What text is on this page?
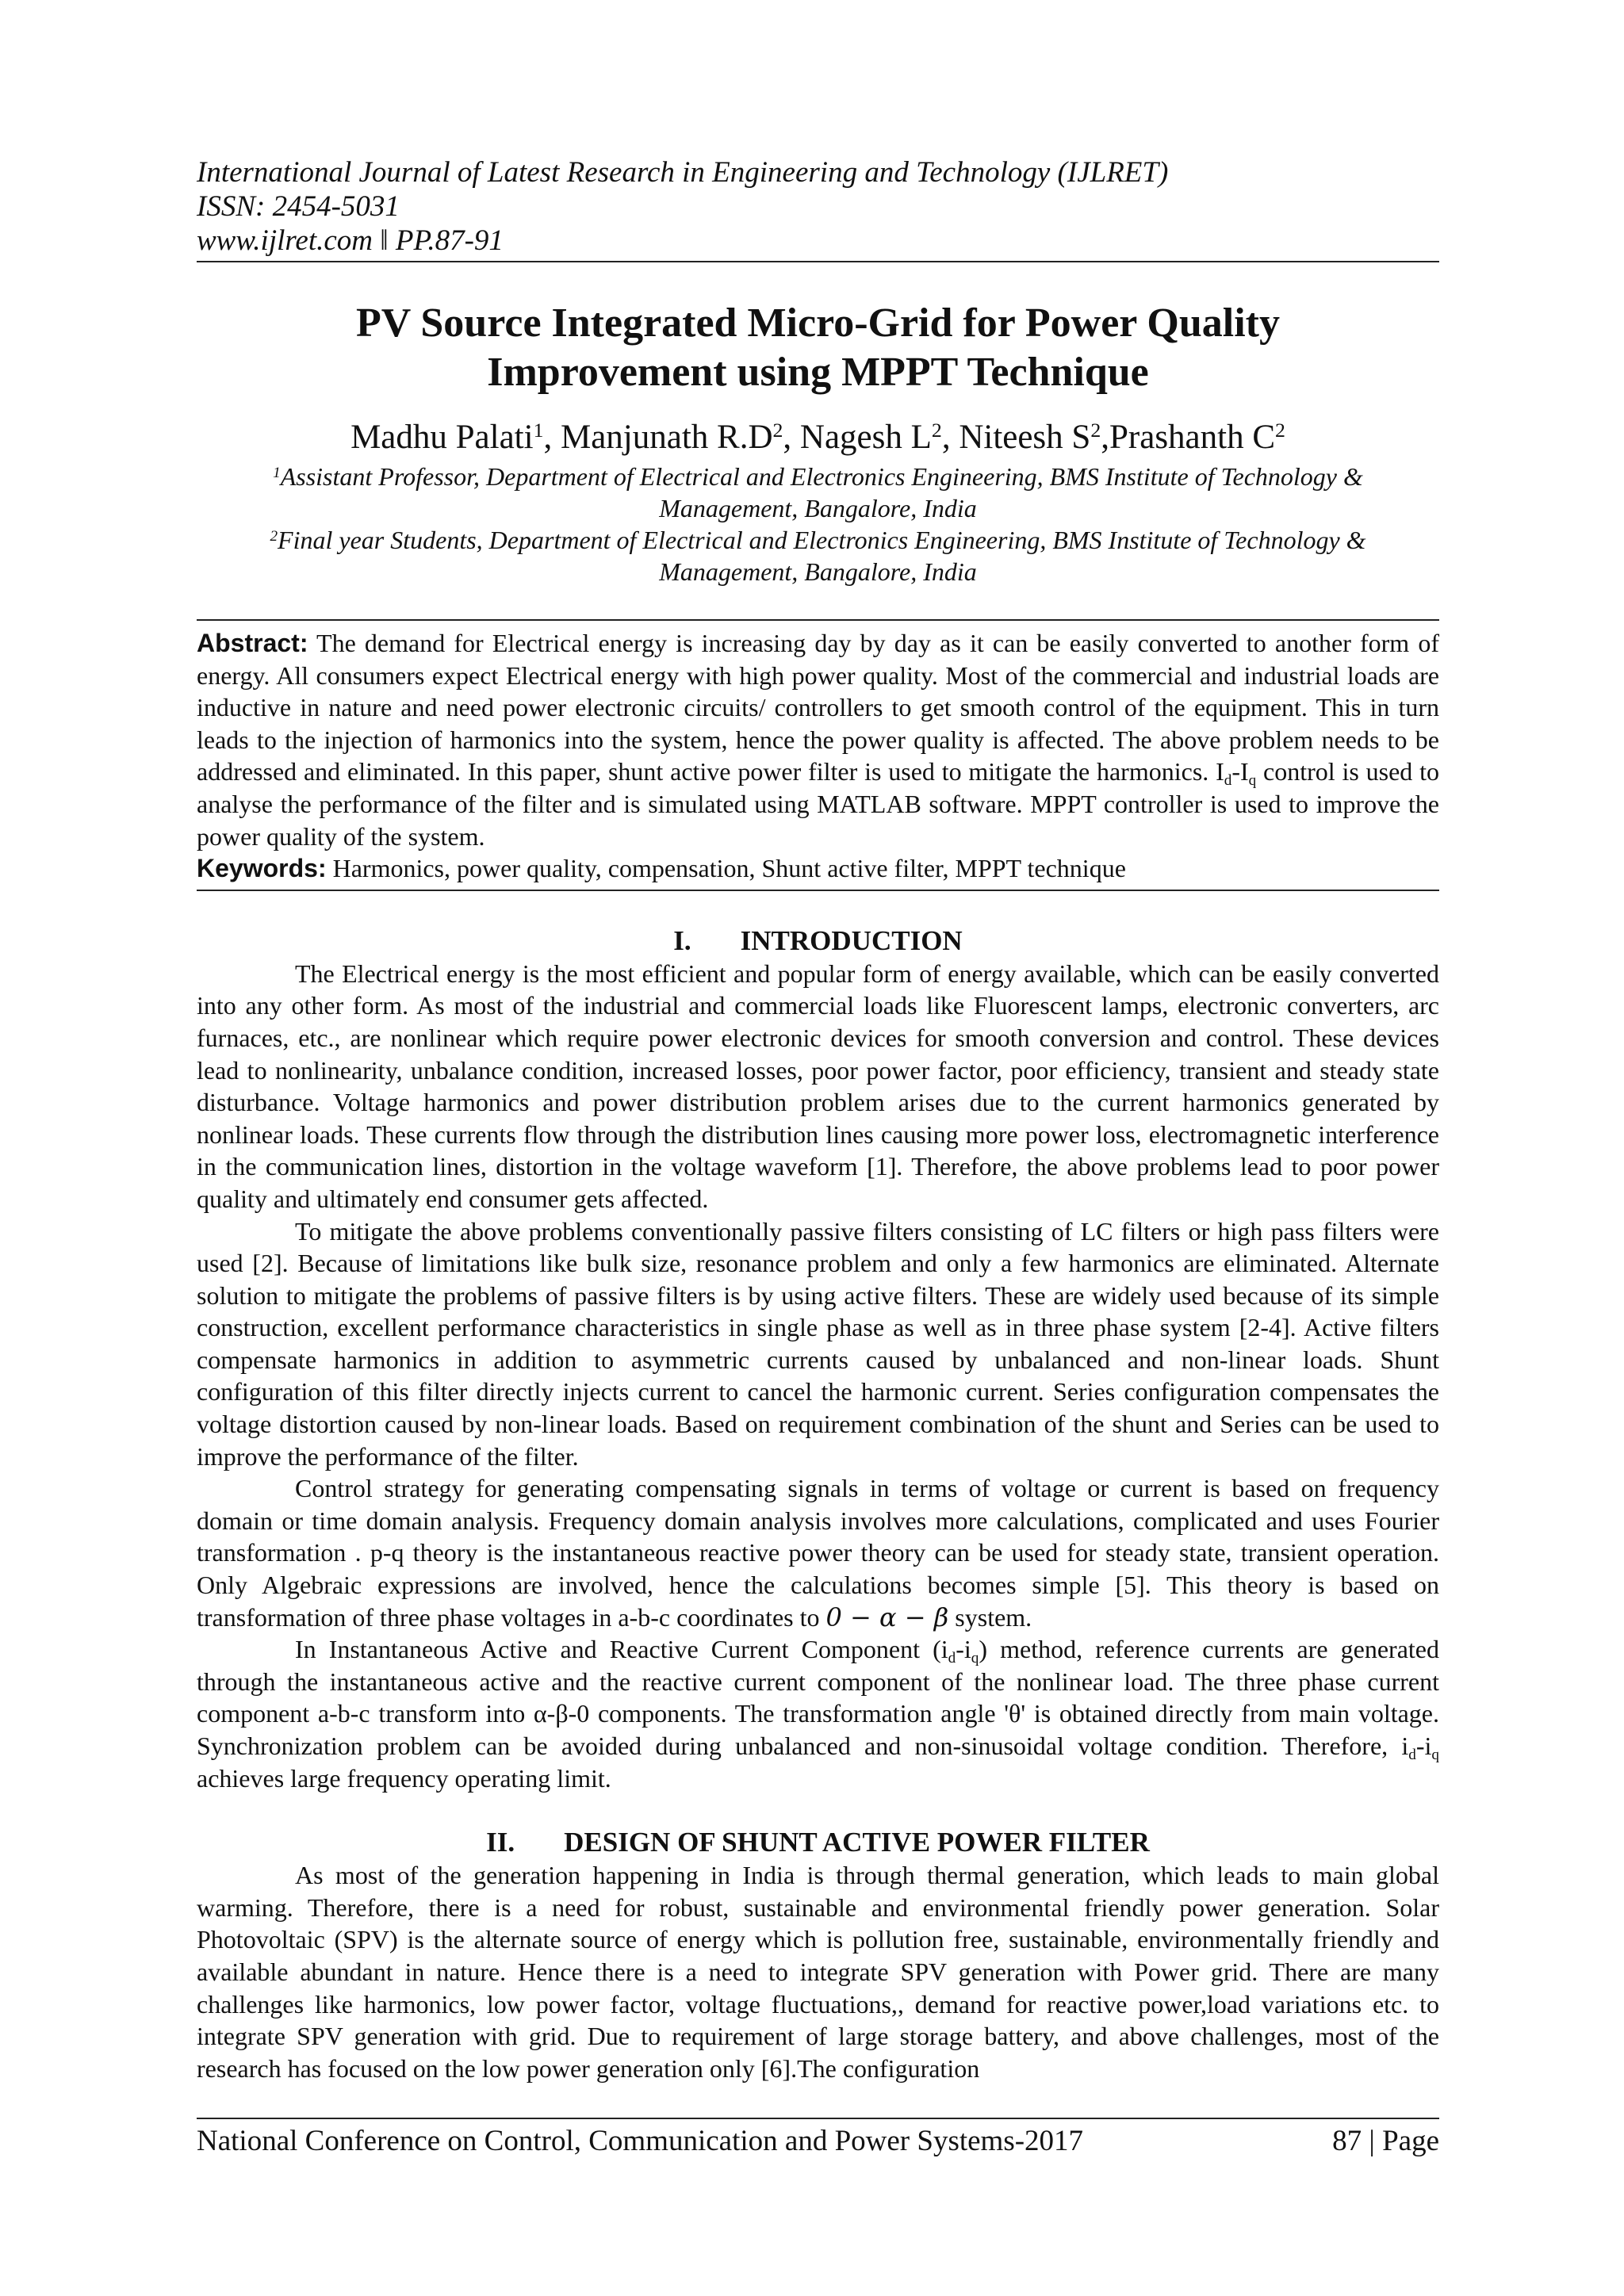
International Journal of Latest Research in Engineering and Technology (IJLRET)
ISSN: 2454-5031
www.ijlret.com ‖ PP.87-91
PV Source Integrated Micro-Grid for Power Quality
Improvement using MPPT Technique
Madhu Palati$^1$, Manjunath $R.D^2$, Nagesh $L^2$, Niteesh $S^2,Prashanth$ $C^2$
$^1$Assistant Professor, Department of Electrical and Electronics Engineering, BMS Institute of Technology &
Management, Bangalore, India
$^2$Final year Students, Department of Electrical and Electronics Engineering, BMS Institute of Technology &
Management, Bangalore, India

Abstract: The demand for Electrical energy is increasing day by day as it can be easily converted to another form of energy. All consumers expect Electrical energy with high power quality. Most of the commercial and industrial loads are inductive in nature and need power electronic circuits/ controllers to get smooth control of the equipment. This in turn leads to the injection of harmonics into the system, hence the power quality is affected. The above problem needs to be addressed and eliminated. In this paper, shunt active power filter is used to mitigate the harmonics. $I_d-I_q$ control is used to analyse the performance of the filter and is simulated using MATLAB software. MPPT controller is used to improve the power quality of the system.

Keywords: Harmonics, power quality, compensation, Shunt active filter, MPPT technique

I. INTRODUCTION

The Electrical energy is the most efficient and popular form of energy available, which can be easily converted into any other form. As most of the industrial and commercial loads like Fluorescent lamps, electronic converters, arc furnaces, etc., are nonlinear which require power electronic devices for smooth conversion and control. These devices lead to nonlinearity, unbalance condition, increased losses, poor power factor, poor efficiency, transient and steady state disturbance. Voltage harmonics and power distribution problem arises due to the current harmonics generated by nonlinear loads. These currents flow through the distribution lines causing more power loss, electromagnetic interference in the communication lines, distortion in the voltage waveform [1]. Therefore, the above problems lead to poor power quality and ultimately end consumer gets affected.

To mitigate the above problems conventionally passive filters consisting of LC filters or high pass filters were used [2]. Because of limitations like bulk size, resonance problem and only a few harmonics are eliminated. Alternate solution to mitigate the problems of passive filters is by using active filters. These are widely used because of its simple construction, excellent performance characteristics in single phase as well as in three phase system [2-4]. Active filters compensate harmonics in addition to asymmetric currents caused by unbalanced and non-linear loads. Shunt configuration of this filter directly injects current to cancel the harmonic current. Series configuration compensates the voltage distortion caused by non-linear loads. Based on requirement combination of the shunt and Series can be used to improve the performance of the filter.

Control strategy for generating compensating signals in terms of voltage or current is based on frequency domain or time domain analysis. Frequency domain analysis involves more calculations, complicated and uses Fourier transformation . p-q theory is the instantaneous reactive power theory can be used for steady state, transient operation. Only Algebraic expressions are involved, hence the calculations becomes simple [5]. This theory is based on transformation of three phase voltages in a-b-c coordinates to 0 − α − β system.

In Instantaneous Active and Reactive Current Component $(i_d-i_q)$ method, reference currents are generated through the instantaneous active and the reactive current component of the nonlinear load. The three phase current component a-b-c transform into α-β-0 components. The transformation angle 'θ' is obtained directly from main voltage. Synchronization problem can be avoided during unbalanced and non-sinusoidal voltage condition. Therefore, $i_d-i_q$ achieves large frequency operating limit.

II. DESIGN OF SHUNT ACTIVE POWER FILTER

As most of the generation happening in India is through thermal generation, which leads to main global warming. Therefore, there is a need for robust, sustainable and environmental friendly power generation. Solar Photovoltaic (SPV) is the alternate source of energy which is pollution free, sustainable, environmentally friendly and available abundant in nature. Hence there is a need to integrate SPV generation with Power grid. There are many challenges like harmonics, low power factor, voltage fluctuations,, demand for reactive power,load variations etc. to integrate SPV generation with grid. Due to requirement of large storage battery, and above challenges, most of the research has focused on the low power generation only [6].The configuration

National Conference on Control, Communication and Power Systems-2017	87 | Page
